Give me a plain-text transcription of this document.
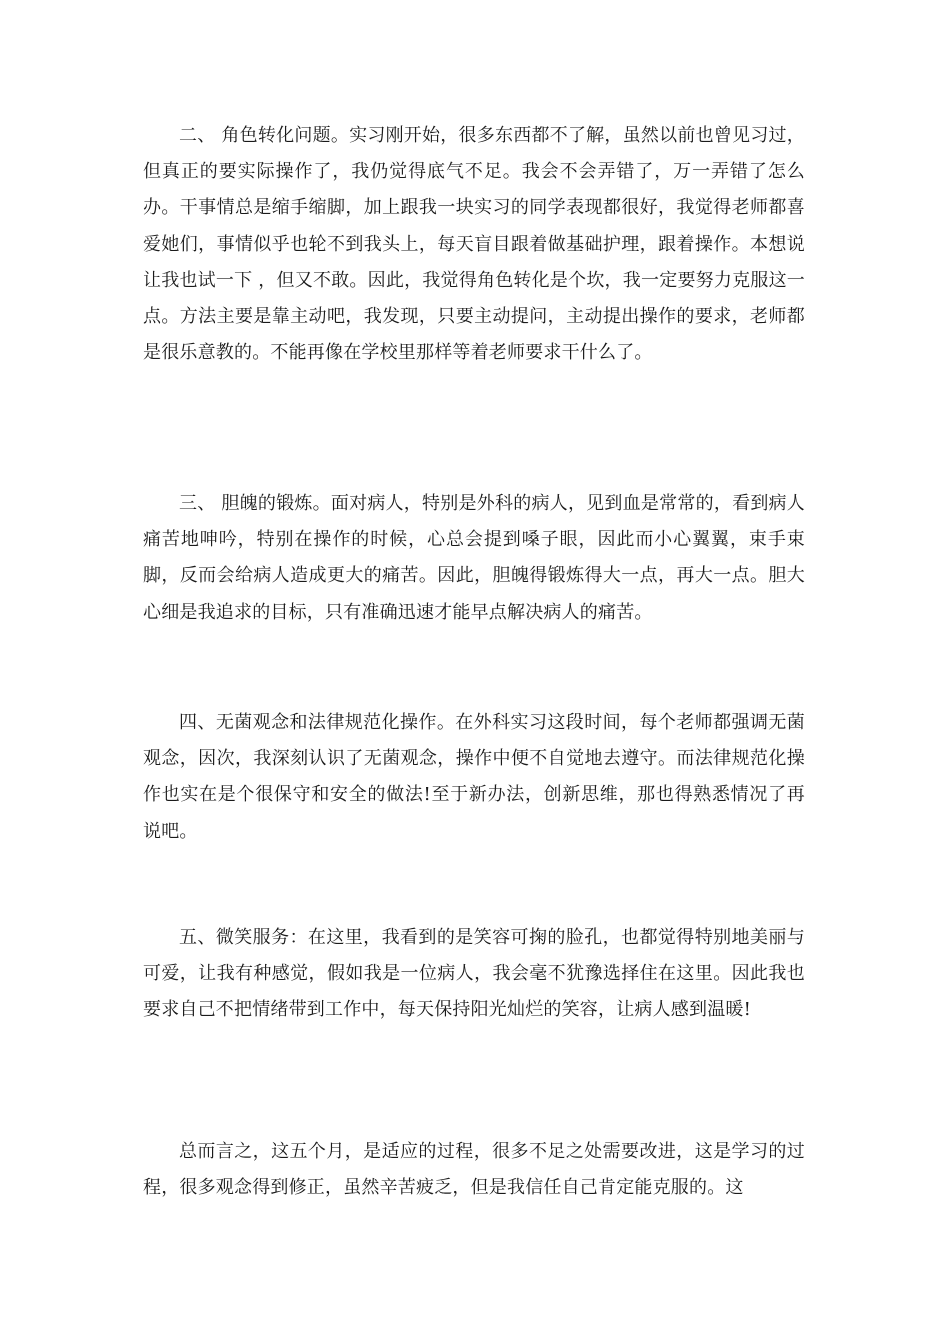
二、 角色转化问题。实习刚开始，很多东西都不了解，虽然以前也曾见习过，但真正的要实际操作了，我仍觉得底气不足。我会不会弄错了，万一弄错了怎么办。干事情总是缩手缩脚，加上跟我一块实习的同学表现都很好，我觉得老师都喜爱她们，事情似乎也轮不到我头上，每天盲目跟着做基础护理，跟着操作。本想说 让我也试一下 ，但又不敢。因此，我觉得角色转化是个坎，我一定要努力克服这一点。方法主要是靠主动吧，我发现，只要主动提问，主动提出操作的要求，老师都是很乐意教的。不能再像在学校里那样等着老师要求干什么了。

三、 胆魄的锻炼。面对病人，特别是外科的病人，见到血是常常的，看到病人痛苦地呻吟，特别在操作的时候，心总会提到嗓子眼，因此而小心翼翼，束手束脚，反而会给病人造成更大的痛苦。因此，胆魄得锻炼得大一点，再大一点。胆大心细是我追求的目标，只有准确迅速才能早点解决病人的痛苦。

四、无菌观念和法律规范化操作。在外科实习这段时间，每个老师都强调无菌观念，因次，我深刻认识了无菌观念，操作中便不自觉地去遵守。而法律规范化操作也实在是个很保守和安全的做法!至于新办法，创新思维，那也得熟悉情况了再说吧。

五、微笑服务：在这里，我看到的是笑容可掬的脸孔，也都觉得特别地美丽与可爱，让我有种感觉，假如我是一位病人，我会毫不犹豫选择住在这里。因此我也要求自己不把情绪带到工作中，每天保持阳光灿烂的笑容，让病人感到温暖!

总而言之，这五个月，是适应的过程，很多不足之处需要改进，这是学习的过程，很多观念得到修正，虽然辛苦疲乏，但是我信任自己肯定能克服的。这
